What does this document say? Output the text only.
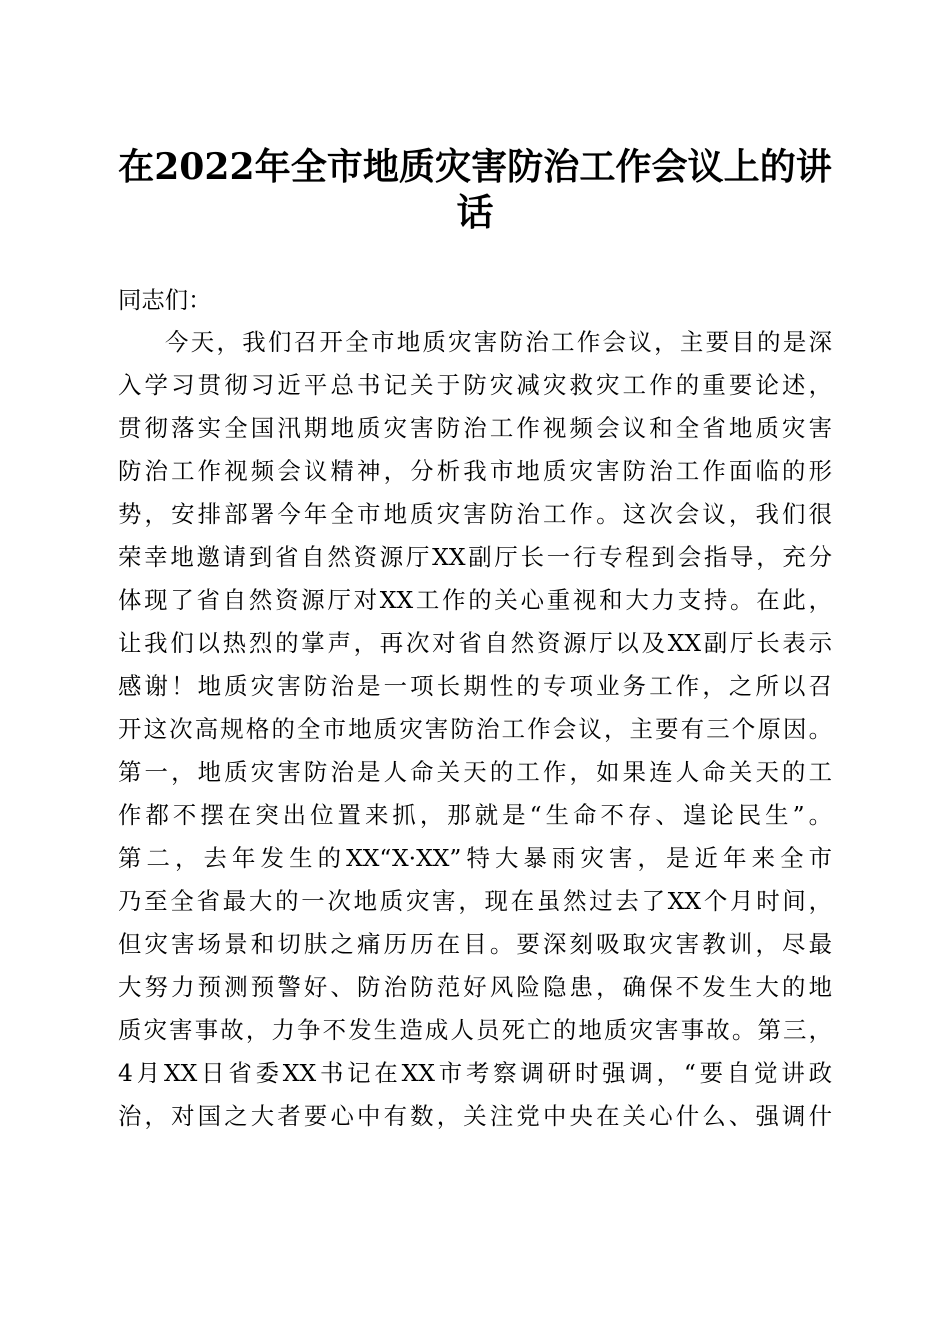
在2022年全市地质灾害防治工作会议上的讲
话
同志们：
今天，我们召开全市地质灾害防治工作会议，主要目的是深
入学习贯彻习近平总书记关于防灾减灾救灾工作的重要论述，
贯彻落实全国汛期地质灾害防治工作视频会议和全省地质灾害
防治工作视频会议精神，分析我市地质灾害防治工作面临的形
势，安排部署今年全市地质灾害防治工作。这次会议，我们很
荣幸地邀请到省自然资源厅XX副厅长一行专程到会指导，充分
体现了省自然资源厅对XX工作的关心重视和大力支持。在此，
让我们以热烈的掌声，再次对省自然资源厅以及XX副厅长表示
感谢！地质灾害防治是一项长期性的专项业务工作，之所以召
开这次高规格的全市地质灾害防治工作会议，主要有三个原因。
第一，地质灾害防治是人命关天的工作，如果连人命关天的工
作都不摆在突出位置来抓，那就是“生命不存、遑论民生”。
第二，去年发生的XX“X·XX”特大暴雨灾害，是近年来全市
乃至全省最大的一次地质灾害，现在虽然过去了XX个月时间，
但灾害场景和切肤之痛历历在目。要深刻吸取灾害教训，尽最
大努力预测预警好、防治防范好风险隐患，确保不发生大的地
质灾害事故，力争不发生造成人员死亡的地质灾害事故。第三，
4月XX日省委XX书记在XX市考察调研时强调，“要自觉讲政
治，对国之大者要心中有数，关注党中央在关心什么、强调什
